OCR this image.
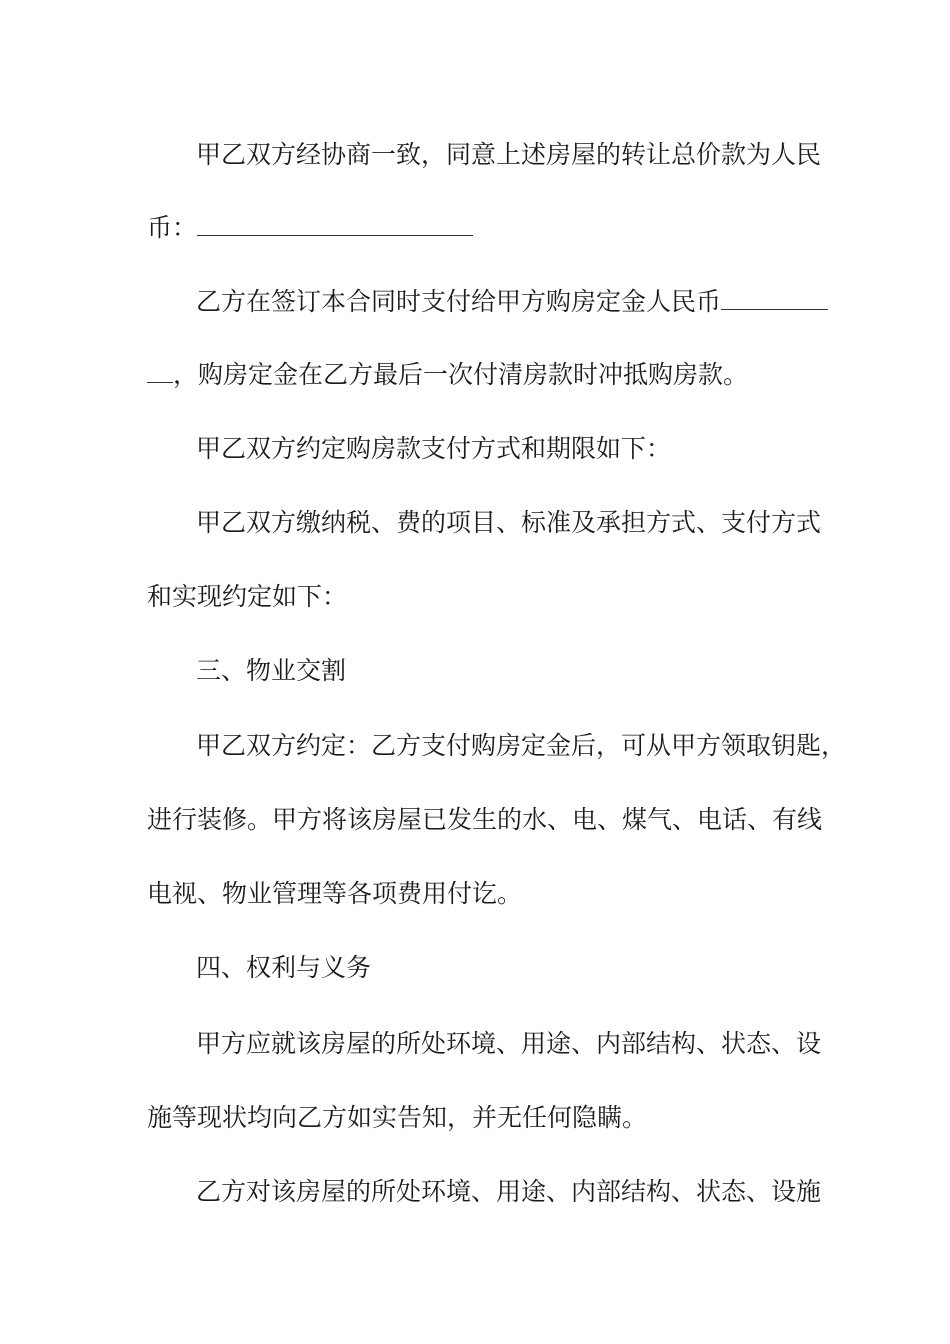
甲乙双方经协商一致，同意上述房屋的转让总价款为人民
币：
乙方在签订本合同时支付给甲方购房定金人民币
，购房定金在乙方最后一次付清房款时冲抵购房款。
甲乙双方约定购房款支付方式和期限如下：
甲乙双方缴纳税、费的项目、标准及承担方式、支付方式
和实现约定如下：
三、物业交割
甲乙双方约定：乙方支付购房定金后，可从甲方领取钥匙，
进行装修。甲方将该房屋已发生的水、电、煤气、电话、有线
电视、物业管理等各项费用付讫。
四、权利与义务
甲方应就该房屋的所处环境、用途、内部结构、状态、设
施等现状均向乙方如实告知，并无任何隐瞒。
乙方对该房屋的所处环境、用途、内部结构、状态、设施
